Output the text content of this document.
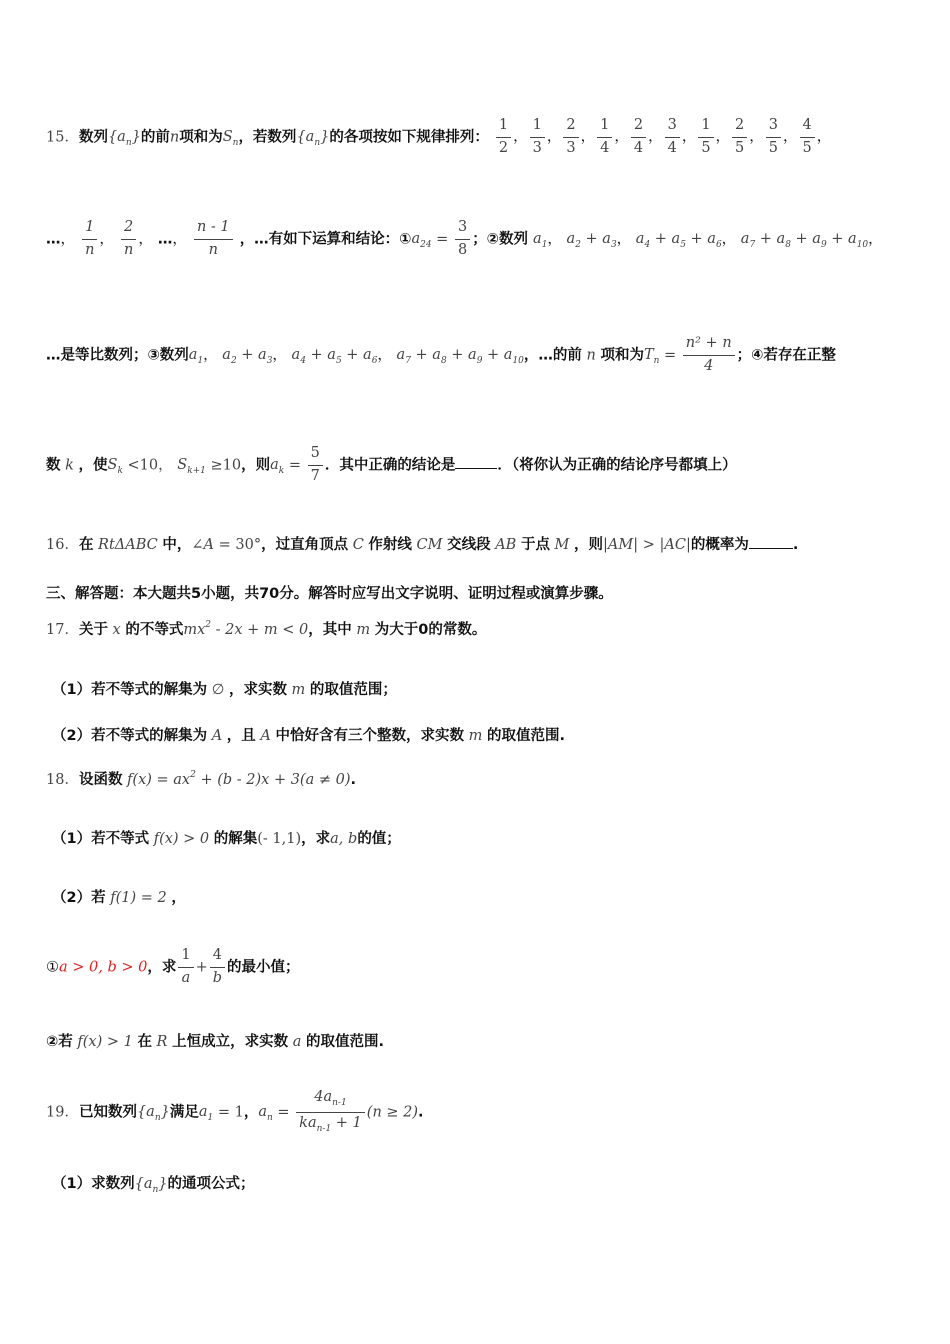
15．数列$\{a_n\}$的前n项和为$S_n$，若数列$\{a_n\}$的各项按如下规律排列： $\frac{1}{2}$ ， $\frac{1}{3}$ ， $\frac{2}{3}$ ， $\frac{1}{4}$ ， $\frac{2}{4}$ ， $\frac{3}{4}$ ， $\frac{1}{5}$ ， $\frac{2}{5}$ ， $\frac{3}{5}$ ， $\frac{4}{5}$ ，
…， $\frac{1}{n}$ ， $\frac{2}{n}$ ， …， $\frac{n - 1}{n}$ ，…有如下运算和结论：$①a_{24} = \frac{3}{8}$ ；②数列 $a_1$， $a_2 + a_3$， $a_4 + a_5 + a_6$， $a_7 + a_8 + a_9 + a_{10}$，
…是等比数列；③数列$a_1$， $a_2 + a_3$， $a_4 + a_5 + a_6$， $a_7 + a_8 + a_9 + a_{10}$，…的前 n 项和为$T_n = \frac{\text{n² + n}}{4}$ ；④若存在正整
数 k ，使$S_k <10$， $S_{k+1} \ge 10$，则$a_k = \frac{5}{7}$ ．其中正确的结论是	．（将你认为正确的结论序号都填上）
16．在 RtΔABC 中，∠A = 30°，过直角顶点 C 作射线 CM 交线段 AB 于点 M ，则|AM| > |AC|的概率为	.
三、解答题：本大题共5小题，共70分。解答时应写出文字说明、证明过程或演算步骤。
17．关于 x 的不等式$mx^2 - 2x + m < 0$，其中 m 为大于0的常数。
（1）若不等式的解集为 ∅ ，求实数 m 的取值范围；
（2）若不等式的解集为 A ，且 A 中恰好含有三个整数，求实数 m 的取值范围.
18．设函数 $f(x) = ax^2 + (b - 2)x + 3(a \ne 0)$.
（1）若不等式 f(x) > 0 的解集(- 1,1)，求a, b的值；
（2）若 f(1) = 2 ，
①a > 0, b > 0，求 $\frac{1}{a} + \frac{4}{b}$ 的最小值；
②若 f(x) > 1 在 R 上恒成立，求实数 a 的取值范围.
19．已知数列$\{a_n\}$满足$a_1 = 1$，$a_n = \frac{4a_{n-1}}{ka_{n-1} + 1} (n \ge 2)$.
（1）求数列$\{a_n\}$的通项公式；
